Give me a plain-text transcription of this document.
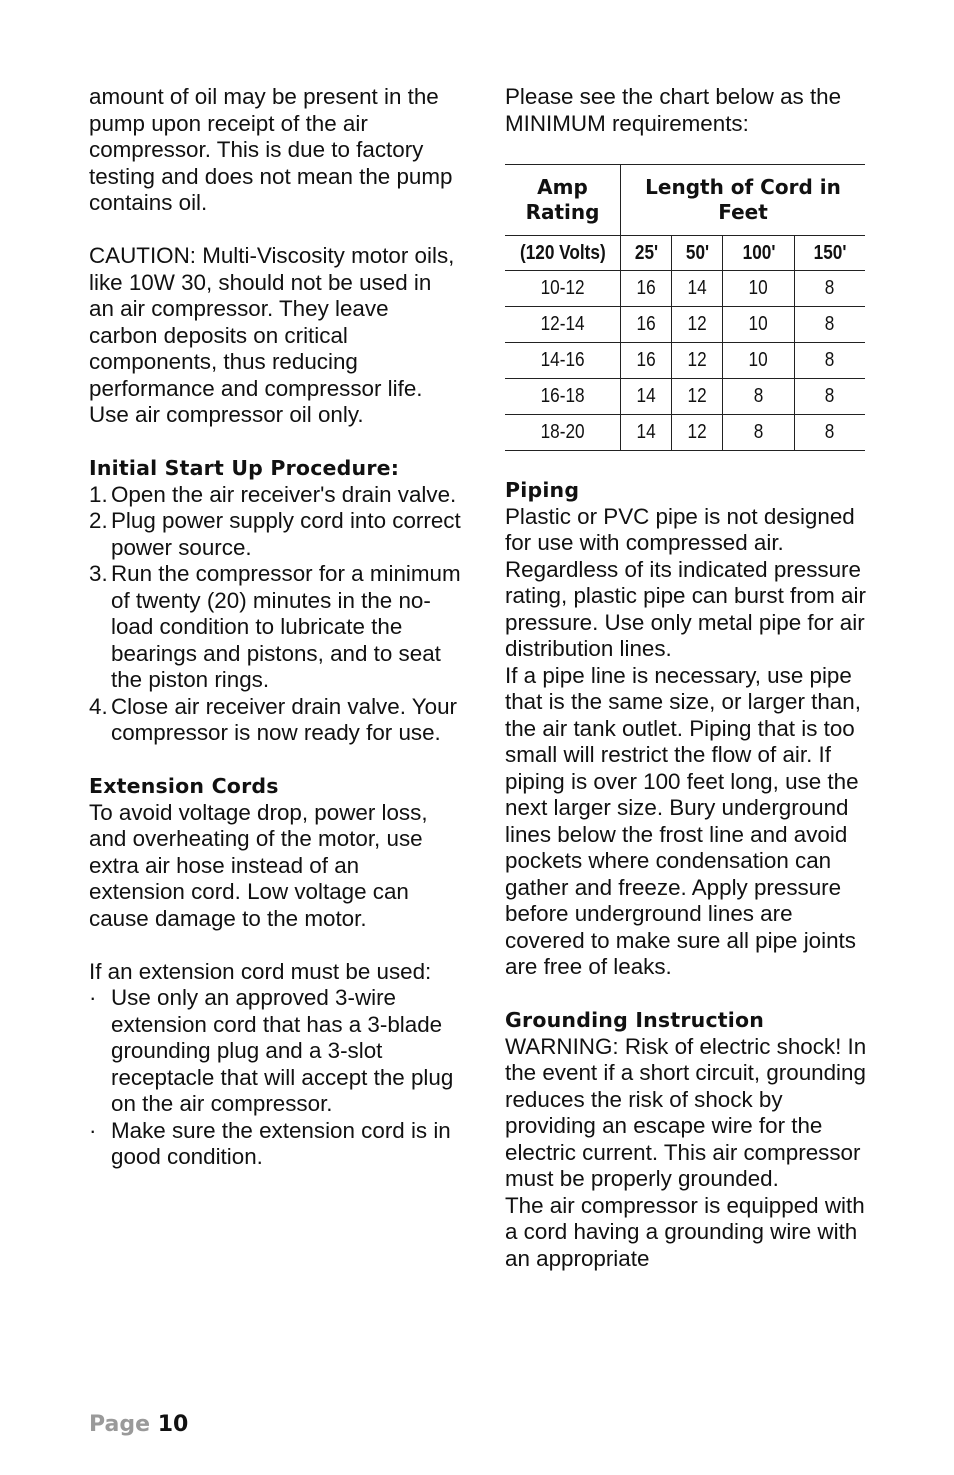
amount of oil may be present in the pump upon receipt of the air compressor. This is due to factory testing and does not mean the pump contains oil.

CAUTION: Multi-Viscosity motor oils, like 10W 30, should not be used in an air compressor. They leave carbon deposits on critical components, thus reducing performance and compressor life. Use air compressor oil only.

Initial Start Up Procedure:

1. Open the air receiver's drain valve.
2. Plug power supply cord into correct power source.
3. Run the compressor for a minimum of twenty (20) minutes in the no-load condition to lubricate the bearings and pistons, and to seat the piston rings.
4. Close air receiver drain valve. Your compressor is now ready for use.

Extension Cords

To avoid voltage drop, power loss, and overheating of the motor, use extra air hose instead of an extension cord. Low voltage can cause damage to the motor.

If an extension cord must be used:

· Use only an approved 3-wire extension cord that has a 3-blade grounding plug and a 3-slot receptacle that will accept the plug on the air compressor.
· Make sure the extension cord is in good condition.

Please see the chart below as the MINIMUM requirements:

Amp Rating	Length of Cord in Feet			
(120 Volts)	25'	50'	100'	150'
10-12	16	14	10	8
12-14	16	12	10	8
14-16	16	12	10	8
16-18	14	12	8	8
18-20	14	12	8	8

Piping

Plastic or PVC pipe is not designed for use with compressed air. Regardless of its indicated pressure rating, plastic pipe can burst from air pressure. Use only metal pipe for air distribution lines.

If a pipe line is necessary, use pipe that is the same size, or larger than, the air tank outlet. Piping that is too small will restrict the flow of air. If piping is over 100 feet long, use the next larger size. Bury underground lines below the frost line and avoid pockets where condensation can gather and freeze. Apply pressure before underground lines are covered to make sure all pipe joints are free of leaks.

Grounding Instruction

WARNING: Risk of electric shock! In the event if a short circuit, grounding reduces the risk of shock by providing an escape wire for the electric current. This air compressor must be properly grounded.

The air compressor is equipped with a cord having a grounding wire with an appropriate

Page 10
